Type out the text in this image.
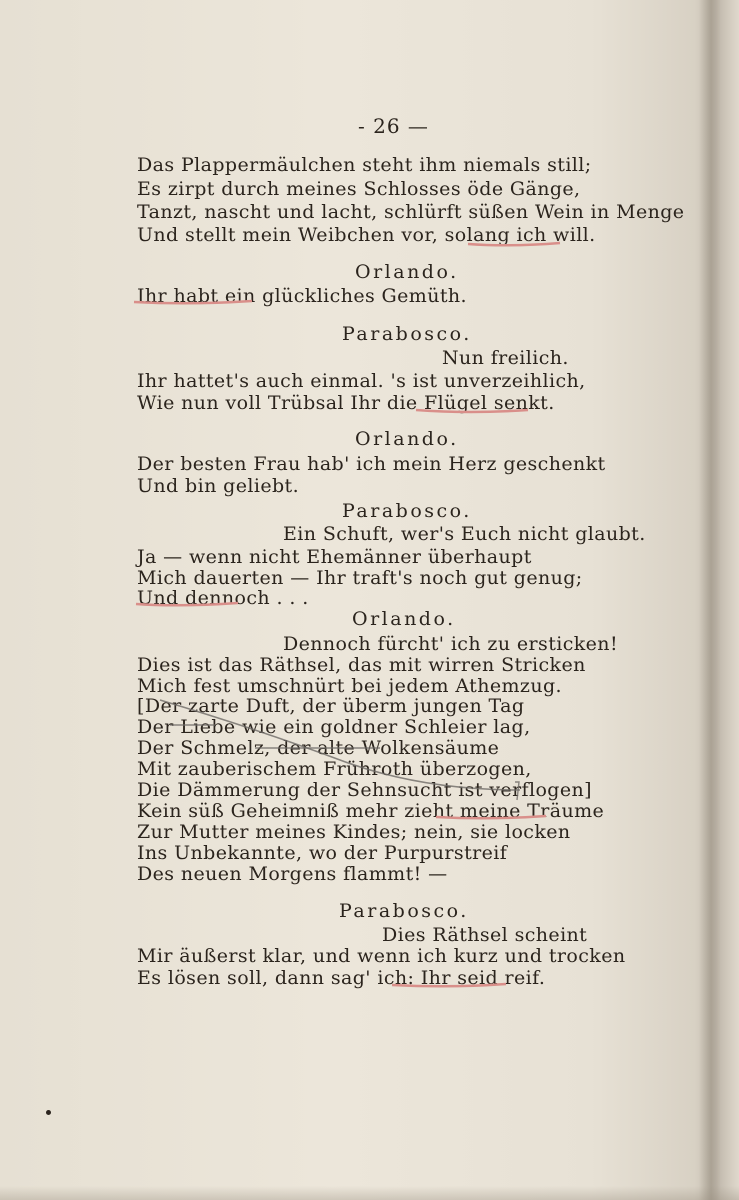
- 26 —
Das Plappermäulchen steht ihm niemals still;
Es zirpt durch meines Schlosses öde Gänge,
Tanzt, nascht und lacht, schlürft süßen Wein in Menge
Und stellt mein Weibchen vor, solang ich will.
Orlando.
Ihr habt ein glückliches Gemüth.
Parabosco.
Nun freilich.
Ihr hattet's auch einmal. 's ist unverzeihlich,
Wie nun voll Trübsal Ihr die Flügel senkt.
Orlando.
Der besten Frau hab' ich mein Herz geschenkt
Und bin geliebt.
Parabosco.
Ein Schuft, wer's Euch nicht glaubt.
Ja — wenn nicht Ehemänner überhaupt
Mich dauerten — Ihr traft's noch gut genug;
Und dennoch . . .
Orlando.
Dennoch fürcht' ich zu ersticken!
Dies ist das Räthsel, das mit wirren Stricken
Mich fest umschnürt bei jedem Athemzug.
[Der zarte Duft, der überm jungen Tag
Der Liebe wie ein goldner Schleier lag,
Der Schmelz, der alte Wolkensäume
Mit zauberischem Frühroth überzogen,
Die Dämmerung der Sehnsucht ist verflogen]
Kein süß Geheimniß mehr zieht meine Träume
Zur Mutter meines Kindes; nein, sie locken
Ins Unbekannte, wo der Purpurstreif
Des neuen Morgens flammt! —
Parabosco.
Dies Räthsel scheint
Mir äußerst klar, und wenn ich kurz und trocken
Es lösen soll, dann sag' ich: Ihr seid reif.
